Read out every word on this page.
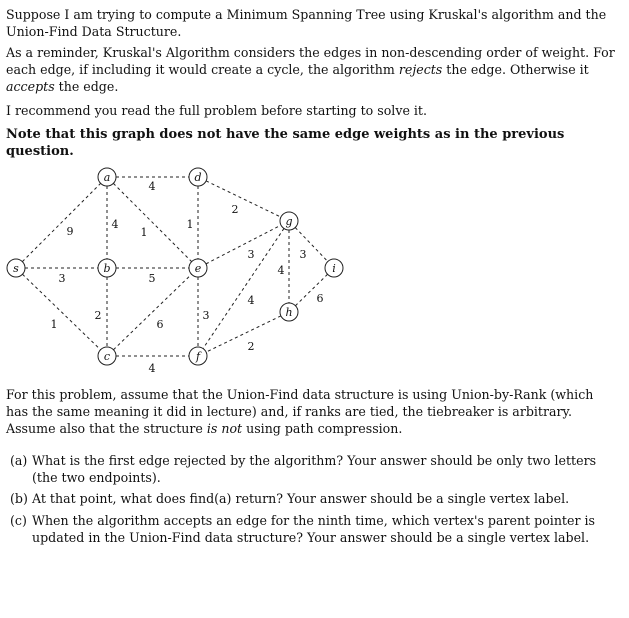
Suppose I am trying to compute a Minimum Spanning Tree using Kruskal's algorithm and the Union-Find Data Structure.

As a reminder, Kruskal's Algorithm considers the edges in non-descending order of weight. For each edge, if including it would create a cycle, the algorithm rejects the edge. Otherwise it accepts the edge.

I recommend you read the full problem before starting to solve it.

Note that this graph does not have the same edge weights as in the previous question.

9
3
1
4
4
1
1
2
5
2
6
4
3
3
4
4
3
6
2
s
a
b
c
d
e
f
g
h
i

For this problem, assume that the Union-Find data structure is using Union-by-Rank (which has the same meaning it did in lecture) and, if ranks are tied, the tiebreaker is arbitrary. Assume also that the structure is not using path compression.

(a) What is the first edge rejected by the algorithm? Your answer should be only two letters (the two endpoints).
(b) At that point, what does find(a) return? Your answer should be a single vertex label.
(c) When the algorithm accepts an edge for the ninth time, which vertex's parent pointer is updated in the Union-Find data structure? Your answer should be a single vertex label.
